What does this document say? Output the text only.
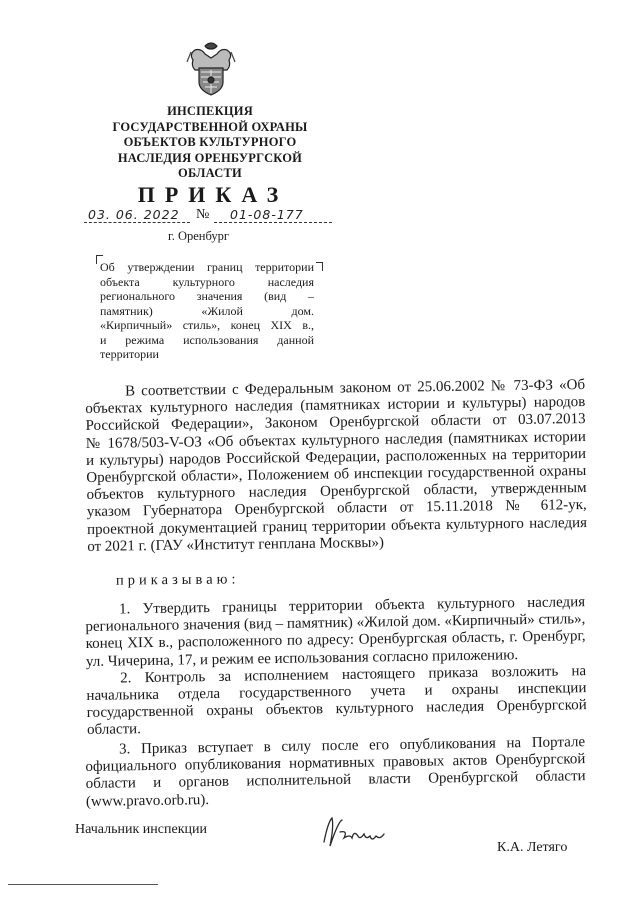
ИНСПЕКЦИЯ
ГОСУДАРСТВЕННОЙ ОХРАНЫ
ОБЪЕКТОВ КУЛЬТУРНОГО
НАСЛЕДИЯ ОРЕНБУРГСКОЙ
ОБЛАСТИ
ПРИКАЗ
03. 06. 2022 № 01-08-177
г. Оренбург
Об утверждении границ территории
объекта культурного наследия
регионального значения (вид –
памятник) «Жилой дом.
«Кирпичный» стиль», конец XIX в.,
и режима использования данной
территории
В соответствии с Федеральным законом от 25.06.2002 № 73-ФЗ «Об
объектах культурного наследия (памятниках истории и культуры) народов
Российской Федерации», Законом Оренбургской области от 03.07.2013
№ 1678/503-V-ОЗ «Об объектах культурного наследия (памятниках истории
и культуры) народов Российской Федерации, расположенных на территории
Оренбургской области», Положением об инспекции государственной охраны
объектов культурного наследия Оренбургской области, утвержденным
указом Губернатора Оренбургской области от 15.11.2018 № 612-ук,
проектной документацией границ территории объекта культурного наследия
от 2021 г. (ГАУ «Институт генплана Москвы»)
приказываю:
1. Утвердить границы территории объекта культурного наследия
регионального значения (вид – памятник) «Жилой дом. «Кирпичный» стиль»,
конец XIX в., расположенного по адресу: Оренбургская область, г. Оренбург,
ул. Чичерина, 17, и режим ее использования согласно приложению.
2. Контроль за исполнением настоящего приказа возложить на
начальника отдела государственного учета и охраны инспекции
государственной охраны объектов культурного наследия Оренбургской
области.
3. Приказ вступает в силу после его опубликования на Портале
официального опубликования нормативных правовых актов Оренбургской
области и органов исполнительной власти Оренбургской области
(www.pravo.orb.ru).
Начальник инспекции
К.А. Летяго
